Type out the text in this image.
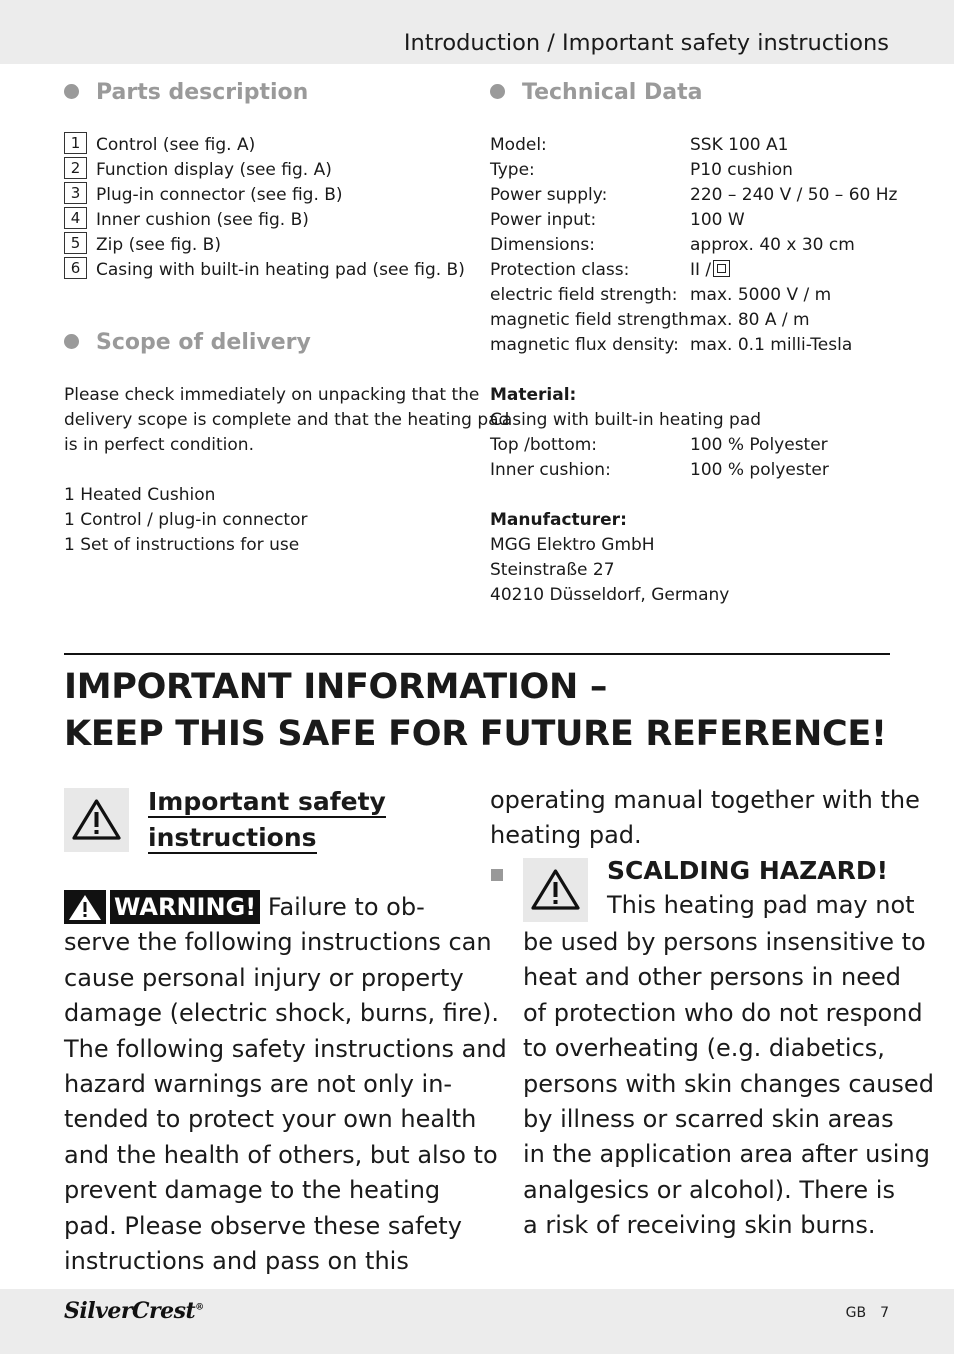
Introduction / Important safety instructions
Parts description
1 Control (see fig. A)
2 Function display (see fig. A)
3 Plug-in connector (see fig. B)
4 Inner cushion (see fig. B)
5 Zip (see fig. B)
6 Casing with built-in heating pad (see fig. B)
Scope of delivery
Please check immediately on unpacking that the
delivery scope is complete and that the heating pad
is in perfect condition.
1 Heated Cushion
1 Control / plug-in connector
1 Set of instructions for use
Technical Data
Model:	SSK 100 A1
Type:	P10 cushion
Power supply:	220 – 240 V / 50 – 60 Hz
Power input:	100 W
Dimensions:	approx. 40 x 30 cm
Protection class:	II /
electric field strength: max. 5000 V / m
magnetic field strength:max. 80 A / m
magnetic flux density: max. 0.1 milli-Tesla
Material:
Casing with built-in heating pad
Top /bottom:	100 % Polyester
Inner cushion:	100 % polyester
Manufacturer:
MGG Elektro GmbH
Steinstraße 27
40210 Düsseldorf, Germany
IMPORTANT INFORMATION –
KEEP THIS SAFE FOR FUTURE REFERENCE!
Important safety
instructions
WARNING! Failure to ob-
serve the following instructions can
cause personal injury or property
damage (electric shock, burns, fire).
The following safety instructions and
hazard warnings are not only in-
tended to protect your own health
and the health of others, but also to
prevent damage to the heating
pad. Please observe these safety
instructions and pass on this
operating manual together with the
heating pad.
SCALDING HAZARD!
This heating pad may not
be used by persons insensitive to
heat and other persons in need
of protection who do not respond
to overheating (e.g. diabetics,
persons with skin changes caused
by illness or scarred skin areas
in the application area after using
analgesics or alcohol). There is
a risk of receiving skin burns.
SilverCrest®	GB 7
